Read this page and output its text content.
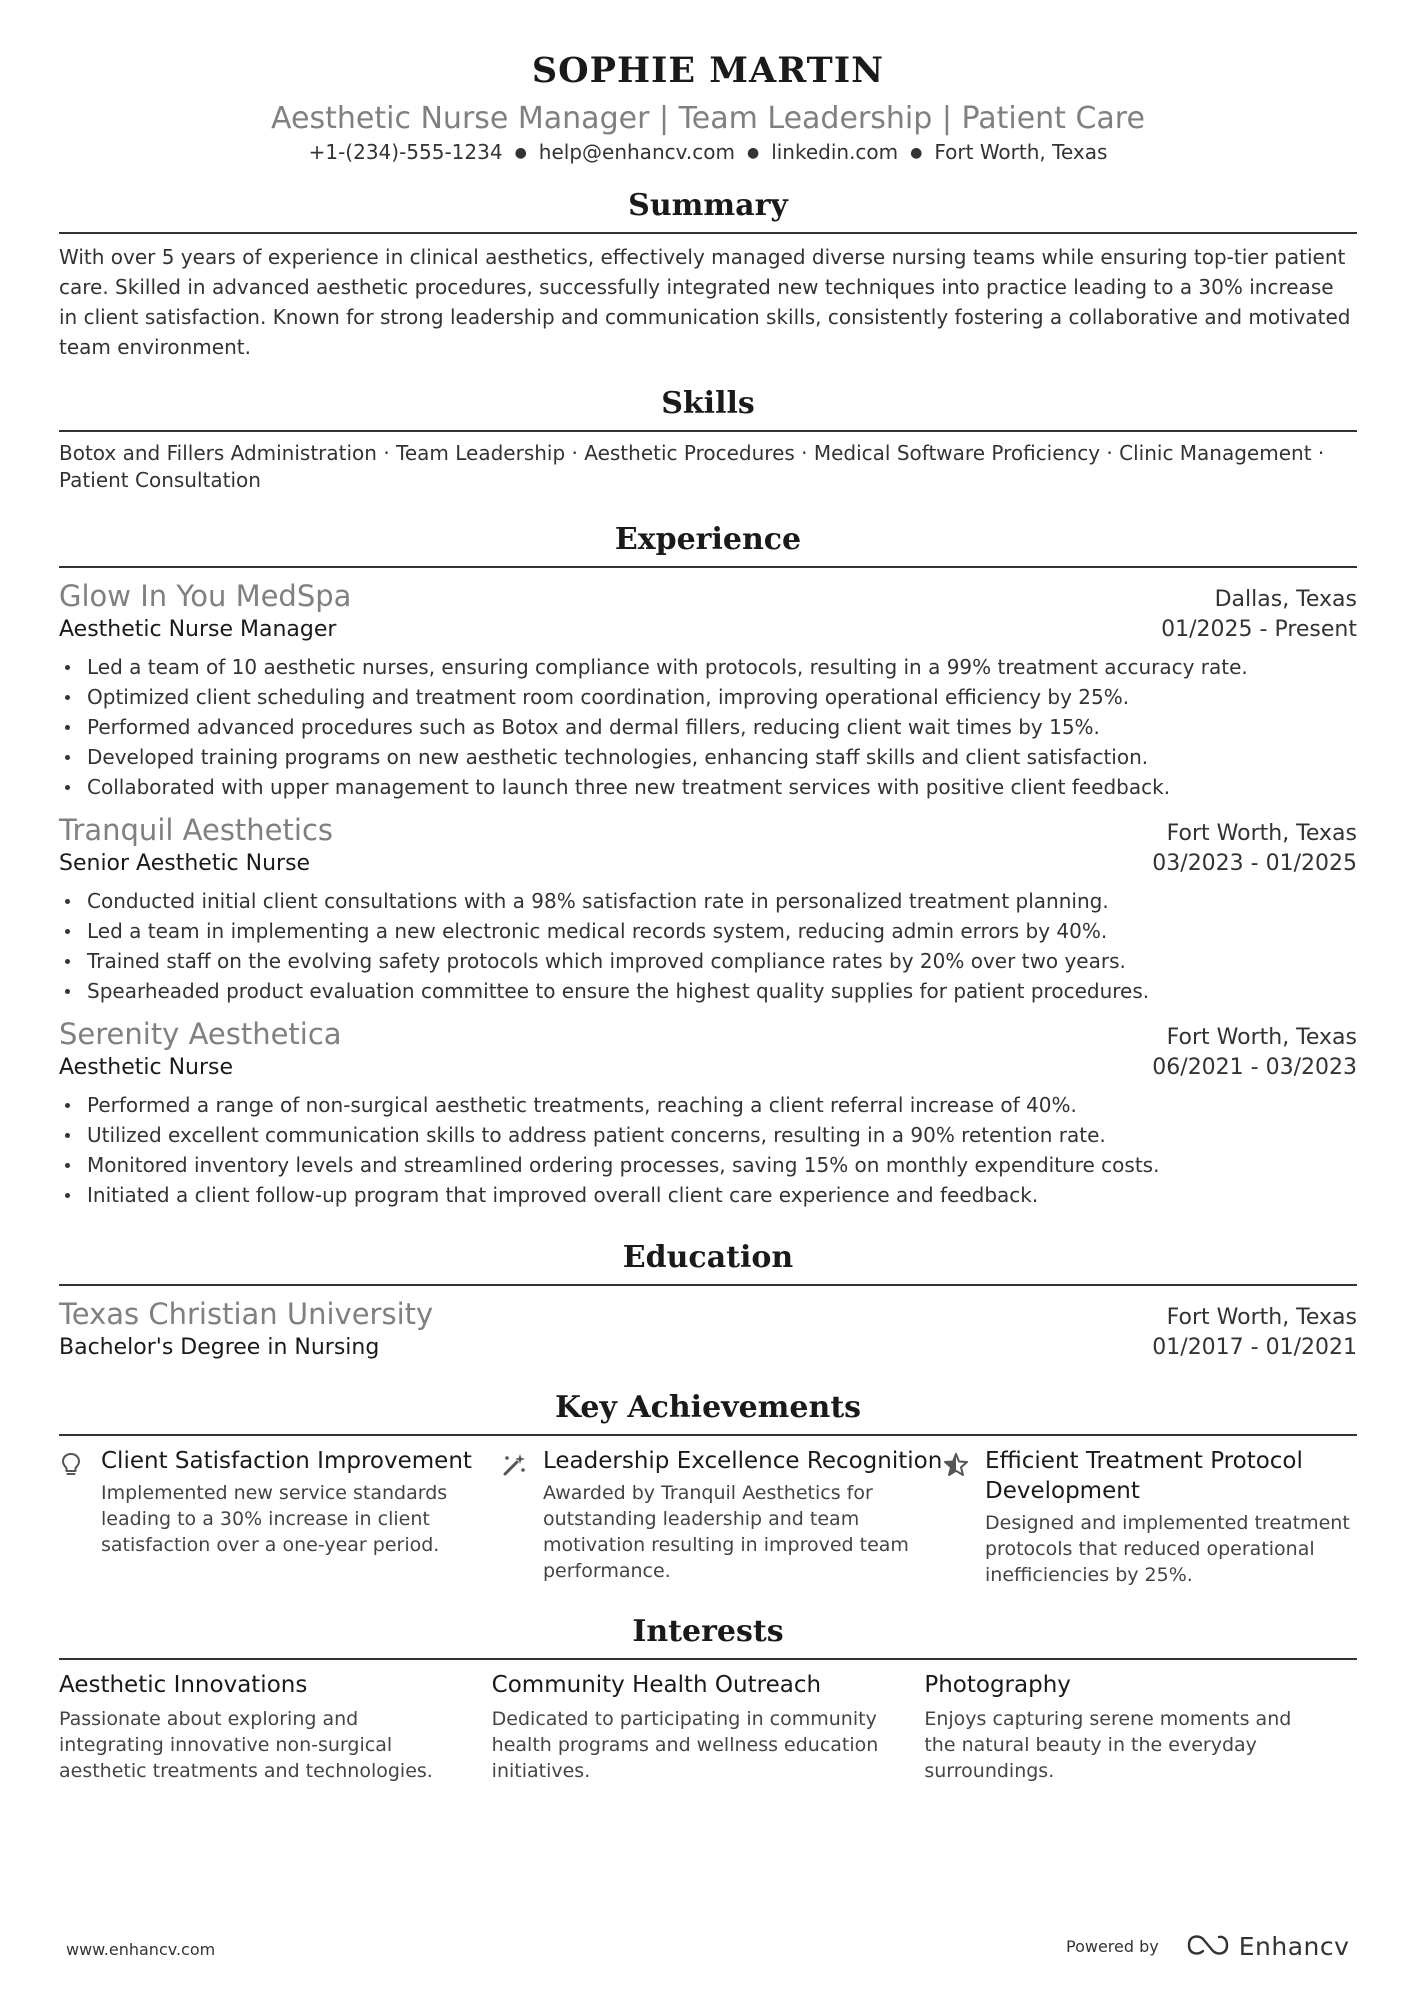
SOPHIE MARTIN
Aesthetic Nurse Manager | Team Leadership | Patient Care
+1-(234)-555-1234 ● help@enhancv.com ● linkedin.com ● Fort Worth, Texas
Summary
With over 5 years of experience in clinical aesthetics, effectively managed diverse nursing teams while ensuring top-tier patient care. Skilled in advanced aesthetic procedures, successfully integrated new techniques into practice leading to a 30% increase in client satisfaction. Known for strong leadership and communication skills, consistently fostering a collaborative and motivated team environment.
Skills
Botox and Fillers Administration · Team Leadership · Aesthetic Procedures · Medical Software Proficiency · Clinic Management · Patient Consultation
Experience
Glow In You MedSpa	Dallas, Texas
Aesthetic Nurse Manager	01/2025 - Present
Led a team of 10 aesthetic nurses, ensuring compliance with protocols, resulting in a 99% treatment accuracy rate.
Optimized client scheduling and treatment room coordination, improving operational efficiency by 25%.
Performed advanced procedures such as Botox and dermal fillers, reducing client wait times by 15%.
Developed training programs on new aesthetic technologies, enhancing staff skills and client satisfaction.
Collaborated with upper management to launch three new treatment services with positive client feedback.
Tranquil Aesthetics	Fort Worth, Texas
Senior Aesthetic Nurse	03/2023 - 01/2025
Conducted initial client consultations with a 98% satisfaction rate in personalized treatment planning.
Led a team in implementing a new electronic medical records system, reducing admin errors by 40%.
Trained staff on the evolving safety protocols which improved compliance rates by 20% over two years.
Spearheaded product evaluation committee to ensure the highest quality supplies for patient procedures.
Serenity Aesthetica	Fort Worth, Texas
Aesthetic Nurse	06/2021 - 03/2023
Performed a range of non-surgical aesthetic treatments, reaching a client referral increase of 40%.
Utilized excellent communication skills to address patient concerns, resulting in a 90% retention rate.
Monitored inventory levels and streamlined ordering processes, saving 15% on monthly expenditure costs.
Initiated a client follow-up program that improved overall client care experience and feedback.
Education
Texas Christian University	Fort Worth, Texas
Bachelor's Degree in Nursing	01/2017 - 01/2021
Key Achievements
Client Satisfaction Improvement
Implemented new service standards leading to a 30% increase in client satisfaction over a one-year period.
Leadership Excellence Recognition
Awarded by Tranquil Aesthetics for outstanding leadership and team motivation resulting in improved team performance.
Efficient Treatment Protocol Development
Designed and implemented treatment protocols that reduced operational inefficiencies by 25%.
Interests
Aesthetic Innovations
Passionate about exploring and integrating innovative non-surgical aesthetic treatments and technologies.
Community Health Outreach
Dedicated to participating in community health programs and wellness education initiatives.
Photography
Enjoys capturing serene moments and the natural beauty in the everyday surroundings.
www.enhancv.com	Powered by	Enhancv
